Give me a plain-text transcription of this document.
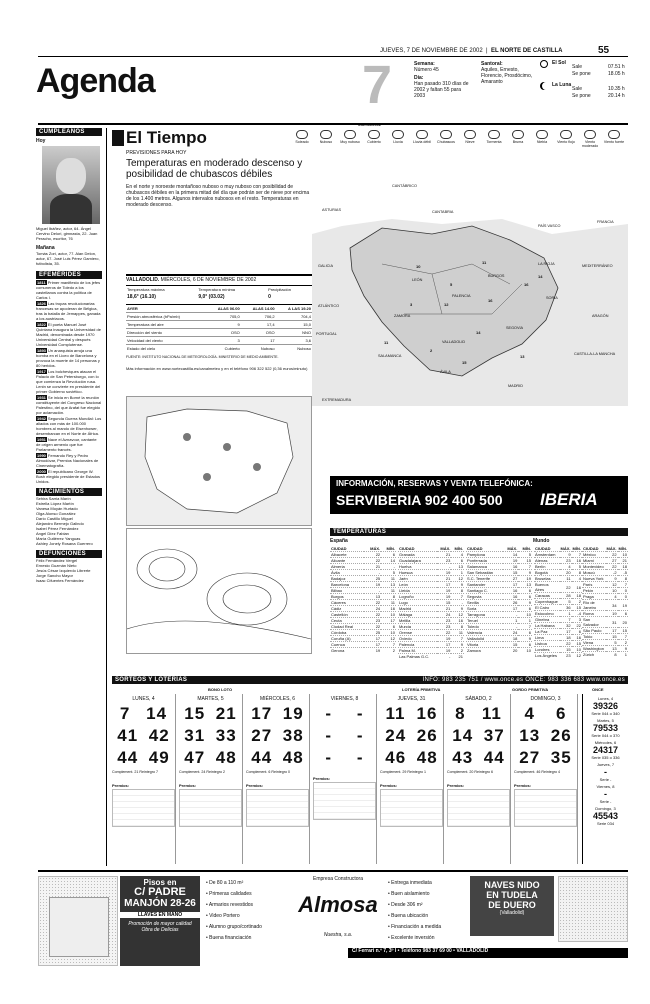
JUEVES, 7 DE NOVIEMBRE DE 2002  |  EL NORTE DE CASTILLA	55
Agenda	7	Semana:
Número 45
Día:
Han pasado 310 días de 2002 y faltan 55 para 2003
Santoral:
Aquiles, Ernesto, Florencio, Prosdócimo, Amaranto
El Sol
Sale	07.51 h
Se pone	18.05 h
La Luna
Sale	10.35 h
Se pone	20.14 h
CUMPLEAÑOS
Hoy
Miguel Ibáñez, actor, 64. Ángel Cervino Delori, gimnasta, 22. Juan Peracho, escritor, 76
Mañana
Tomás Zori, actor, 77. Alan Delon, actor, 67. José Luis Pérez Gamiero, futbolista, 35.
EFEMÉRIDES
1811 Primer manifiesto de los jefes comuneros de Toledo a los castellanos contra la política de Carlos I.
1826 Las tropas revolucionarias francesas se apoderan de Bélgica, tras la batalla de Jemappes, ganada a los austriacos.
1822 El poeta Manuel José Quintana inaugura la Universidad de Madrid, denominada desde 1970 Universidad Central y después Universidad Complutense.
1893 Un anarquista arroja una bomba en el Liceo de Barcelona y provoca la muerte de 14 personas y 80 heridos.
1917 Los bolcheviques atacan el Palacio de San Petersburgo, con lo que comienza la Revolución rusa. Lenin se convierte en presidente del primer Gobierno soviético.
1931 Se inicia en Borné la reunión constituyente del Congreso Nacional Palestino, del que Arafat fue elegido por aclamación.
1942 Segunda Guerra Mundial: Los aliados con más de 100.000 hombres al mando de Eisenhower, desembarcan en el Norte de África.
1951 Nace el Aznavour, cantante de origen armenio que fue Parlamento francés.
1990 Fernando Rey y Pedro Almodóvar, Premios Nacionales de Cinematografía.
2000 El republicano George W. Bush elegido presidente de Estados Unidos.
NACIMIENTOS
Sehira Sarria Marín
Estrella López Martín
Vanesa Moyán Hurtado
Olga Alonso González
Darío Castillo Miguel
Alejandro Bermejo Galindo
Isabel Pérez Fernández
Angel Díez Fabian
María Gutiérrez Yanguas
Ashley Jonely Rosana Guerrero
DEFUNCIONES
Félix Fernández Vergel
Ernesto Guzmán Nieto
Jesús César Izquierdo Librerte
Jorge Sancho Mayor
Isaac Cifuentes Fernández
El Tiempo
PREVISIONES PARA HOY
Temperaturas en moderado descenso y posibilidad de chubascos débiles
En el norte y noroeste montañoso nuboso o muy nuboso con posibilidad de chubascos débiles en la primera mitad del día que podrán ser de nieve por encima de los 1.400 metros. Algunos intervalos nubosos en el resto. Temperaturas en moderado descenso.
Soleado	Nuboso	Muy nuboso	Cubierto	Lluvia	Lluvia débil	Chubascos	Nieve	Tormenta	Bruma	Niebla	Viento flojo	Viento moderado
Viento fuerte
FRANCIA
ASTURIAS	CANTABRIA
PAÍS VASCO
LA RIOJA
GALICIA
LEÓN
PALENCIA
BURGOS
SORIA
ZAMORA
VALLADOLID
SEGOVIA
SALAMANCA
ÁVILA
MADRID
ARAGÓN
PORTUGAL
CASTILLA-LA MANCHA
EXTREMADURA
CANTÁBRICO
MEDITERRÁNEO
ATLÁNTICO
10
5
11
16
3	12
14
16
11
2
15
13
14
VALLADOLID. MIÉRCOLES, 6 DE NOVIEMBRE DE 2002
Temperatura máxima	Temperatura mínima	Precipitación
18,6° (16.10)	9,0° (03.02)	0
AYER	ALAS 06.00	ALAS 14.00	A LAS 19.20
Presión atmosférica (hPa/mb)	705,0	706,2	704,4
Temperatura del aire	9	17,4	15,0
Dirección del viento	OSO	OSO	NNO
Velocidad del viento	3	17	3,6
Estado del cielo	Cubierto	Nuboso	Nuboso
FUENTE: INSTITUTO NACIONAL DE METEOROLOGÍA. MINISTERIO DE MEDIO AMBIENTE.
Más información en www.nortecastilla.es/canalmeteo y en el teléfono 906 322 522 (0,36 euros/minuto)
INFORMACIÓN, RESERVAS Y VENTA TELEFÓNICA:
SERVIBERIA 902 400 500 IBERIA
TEMPERATURAS
España	Mundo
CIUDAD	MÁX.	MÍN.
Albacete	22	6
Alicante	22	14
Almería	21	-
Ávila	-	5
Badajoz	25	11
Barcelona	19	13
Bilbao	-	11
Burgos	13	8
Cáceres	22	11
Cádiz	24	16
Castellón	22	10
Ceuta	23	17
Ciudad Real	22	6
Córdoba	25	10
Coruña (A)	17	12
Cuenca	17	7
Gerona	19	2
CIUDAD	MÁX.	MÍN.
Granada	21	4
Guadalajara	23	6
Huelva	-	13
Huesca	19	1
Jaén	21	12
León	17	9
Lleida	19	8
Logroño	19	7
Lugo	15	-
Madrid	21	9
Málaga	24	12
Melilla	23	16
Murcia	23	8
Orense	22	11
Oviedo	19	7
Palencia	17	9
Palma M.	19	2
Las Palmas G.C.	-	21
CIUDAD	MÁX.	MÍN.
Pamplona	14	5
Ponferrada	19	15
Salamanca	16	7
San Sebastián	15	9
S.C. Tenerife	27	19
Santander	17	13
Santiago C.	16	6
Segovia	16	6
Sevilla	26	9
Soria	17	6
Tarragona	-	10
Teruel	1	1
Toledo	-	7
Valencia	24	6
Valladolid	18	9
Vitoria	15	6
Zamora	20	10
CIUDAD	MÁX.	MÍN.
Ámsterdam	9	7
Atenas	23	16
Berlín	4	5
Bogotá	20	8
Bruselas	11	4
Buenos Aires	22	16
Caracas	28	18
Copenhague	5	2
El Cairo	36	15
Estocolmo	1	-4
Ginebra	7	3
La Habana	32	22
La Paz	17	6
Lima	18	16
Lisboa	22	15
Londres	15	10
Los Ángeles	23	12
CIUDAD	MÁX.	MÍN.
México	22	10
Miami	27	21
Montevideo	22	18
Moscú	-2	-5
Nueva York	9	8
París	12	7
Pekín	10	0
Praga	4	0
Río de Janeiro	34	19
Roma	19	6
San Salvador	31	20
São Paulo	17	15
Tokio	15	7
Viena	5	2
Washington	13	9
Zúrich	8	1
SORTEOS Y LOTERÍAS	INFO: 983 235 751 / www.once.es ONCE: 983 336 683 www.once.es
BONO LOTO	LOTERÍA PRIMITIVA	GORDO PRIMITIVA	ONCE
LUNES, 4
7 14
41 42
44 49
Complement. 21 Reintegro 7
Premios:
MARTES, 5
15 21
31 33
47 48
Complement. 24 Reintegro 2
Premios:
MIÉRCOLES, 6
17 19
27 38
44 48
Complement. 6 Reintegro 0
Premios:
VIERNES, 8
- -
- -
- -
Premios:
JUEVES, 31
11 16
24 26
46 48
Complement. 29 Reintegro 1
Premios:
SÁBADO, 2
8 11
14 37
43 44
Complement. 20 Reintegro 6
Premios:
DOMINGO, 3
4 6
13 26
27 35
Complement. 46 Reintegro 4
Premios:
Lunes, 4
39326
Serie 044 o 340
Martes, 5
79533
Serie 044 o 370
Miércoles, 6
24317
Serie 035 o 336
Jueves, 7
-
Serie -
Viernes, 8
-
Serie -
Domingo, 3
45543
Serie 034
Pisos en
C/ PADRE
MANJÓN 28-26
LLAVES EN MANO
Promoción de mayor calidad
Obra de Delicias
• De 80 a 110 m²
• Primeras calidades
• Armarios revestidos
• Video Portero
• Alumno grupo/cortinado
• Buena financiación
Empresa Constructora
Almosa
Nuestra, s.a.
• Entrega inmediata
• Buen aislamiento
• Desde 306 m²
• Buena ubicación
• Financiación a medida
• Excelente inversión
NAVES NIDO
EN TUDELA
DE DUERO
(Valladolid)
C/ Ferrari n.º 7, 3º I • Teléfono 983 37 69 00 • VALLADOLID
